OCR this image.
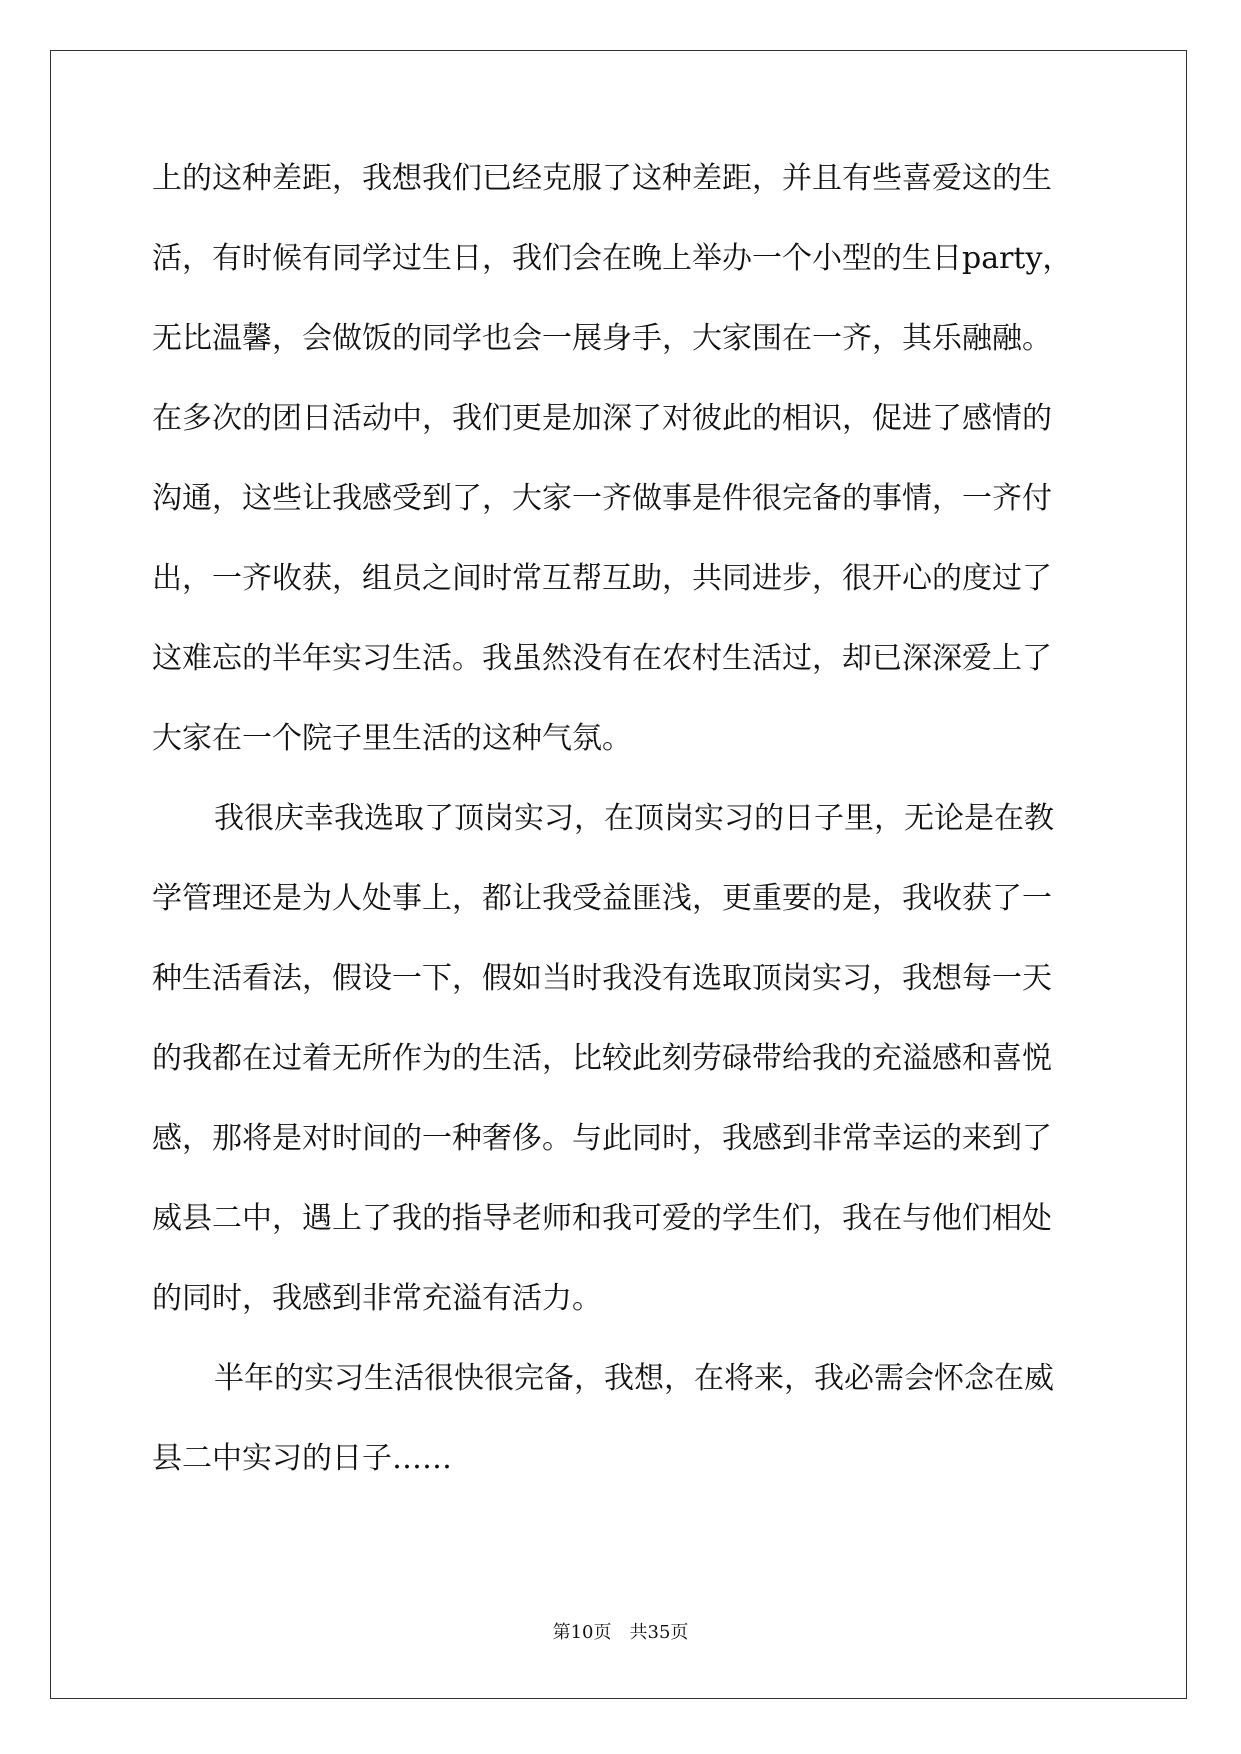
上的这种差距，我想我们已经克服了这种差距，并且有些喜爱这的生
活，有时候有同学过生日，我们会在晚上举办一个小型的生日party，
无比温馨，会做饭的同学也会一展身手，大家围在一齐，其乐融融。
在多次的团日活动中，我们更是加深了对彼此的相识，促进了感情的
沟通，这些让我感受到了，大家一齐做事是件很完备的事情，一齐付
出，一齐收获，组员之间时常互帮互助，共同进步，很开心的度过了
这难忘的半年实习生活。我虽然没有在农村生活过，却已深深爱上了
大家在一个院子里生活的这种气氛。
我很庆幸我选取了顶岗实习，在顶岗实习的日子里，无论是在教
学管理还是为人处事上，都让我受益匪浅，更重要的是，我收获了一
种生活看法，假设一下，假如当时我没有选取顶岗实习，我想每一天
的我都在过着无所作为的生活，比较此刻劳碌带给我的充溢感和喜悦
感，那将是对时间的一种奢侈。与此同时，我感到非常幸运的来到了
威县二中，遇上了我的指导老师和我可爱的学生们，我在与他们相处
的同时，我感到非常充溢有活力。
半年的实习生活很快很完备，我想，在将来，我必需会怀念在威
县二中实习的日子……
第10页　共35页
